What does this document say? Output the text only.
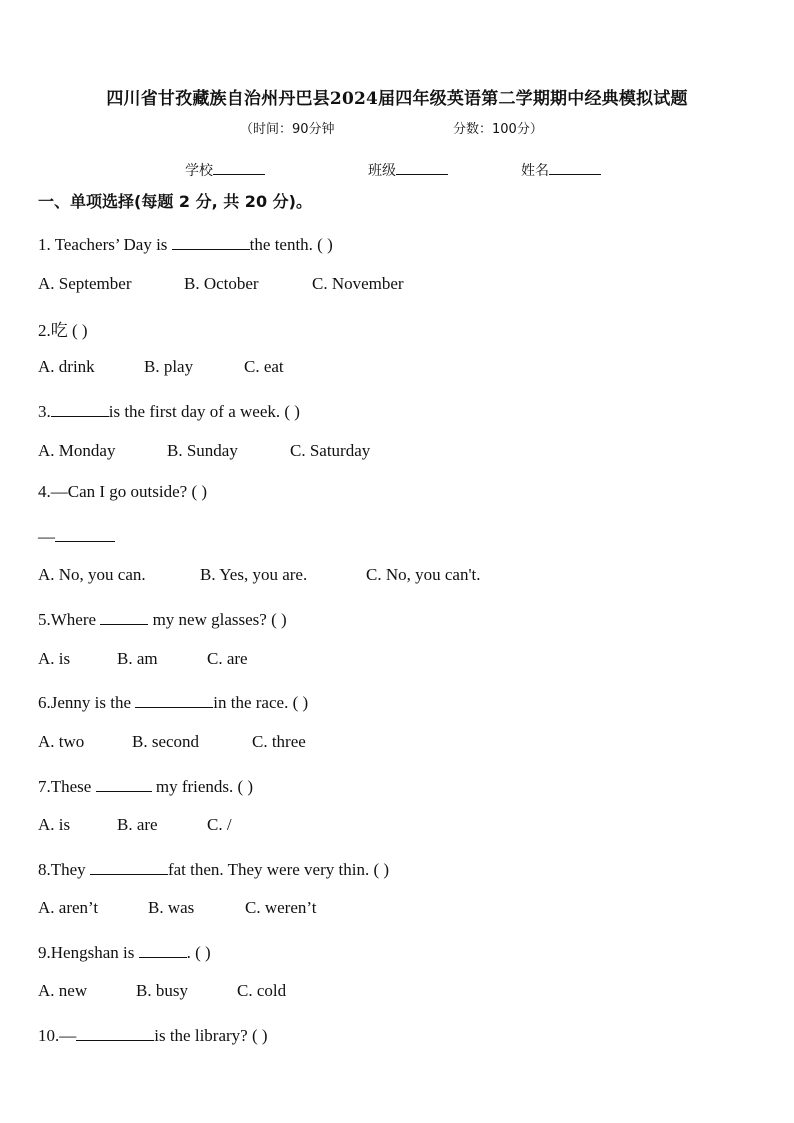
四川省甘孜藏族自治州丹巴县2024届四年级英语第二学期期中经典模拟试题
（时间：90分钟	分数：100分）
学校	班级	姓名
一、单项选择(每题 2 分, 共 20 分)。
1. Teachers’ Day is	the tenth. ( )
A. September	B. October	C. November
2.吃 ( )
A. drink	B. play	C. eat
3.	is the first day of a week. ( )
A. Monday	B. Sunday	C. Saturday
4.—Can I go outside? ( )
—
A. No, you can.	B. Yes, you are.	C. No, you can't.
5.Where	my new glasses? ( )
A. is	B. am	C. are
6.Jenny is the	in the race. ( )
A. two	B. second	C. three
7.These	my friends. ( )
A. is	B. are	C. /
8.They	fat then. They were very thin. ( )
A. aren’t	B. was	C. weren’t
9.Hengshan is	. ( )
A. new	B. busy	C. cold
10.—	is the library? ( )
